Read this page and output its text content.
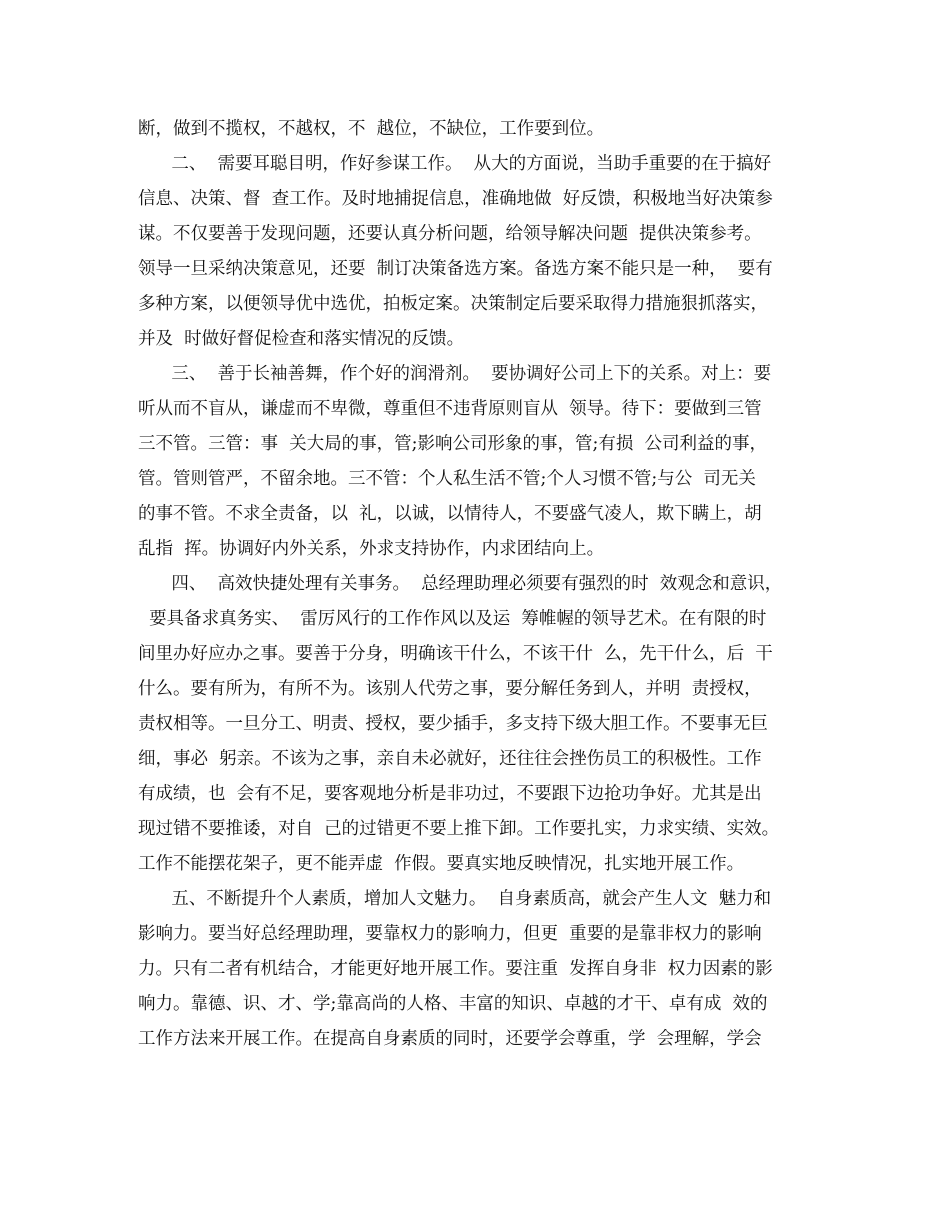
断，做到不揽权，不越权，不  越位，不缺位，工作要到位。
二、  需要耳聪目明，作好参谋工作。  从大的方面说，当助手重要的在于搞好
信息、决策、督  查工作。及时地捕捉信息，准确地做  好反馈，积极地当好决策参
谋。不仅要善于发现问题，还要认真分析问题，给领导解决问题  提供决策参考。
领导一旦采纳决策意见，还要  制订决策备选方案。备选方案不能只是一种，  要有
多种方案，以便领导优中选优，拍板定案。决策制定后要采取得力措施狠抓落实，
并及  时做好督促检查和落实情况的反馈。
三、  善于长袖善舞，作个好的润滑剂。  要协调好公司上下的关系。对上：要
听从而不盲从，谦虚而不卑微，尊重但不违背原则盲从  领导。待下：要做到三管
三不管。三管：事  关大局的事，管;影响公司形象的事，管;有损  公司利益的事，
管。管则管严，不留余地。三不管：个人私生活不管;个人习惯不管;与公  司无关
的事不管。不求全责备，以  礼，以诚，以情待人，不要盛气凌人，欺下瞒上，胡
乱指  挥。协调好内外关系，外求支持协作，内求团结向上。
四、  高效快捷处理有关事务。  总经理助理必须要有强烈的时  效观念和意识，
要具备求真务实、  雷厉风行的工作作风以及运  筹帷幄的领导艺术。在有限的时
间里办好应办之事。要善于分身，明确该干什么，不该干什  么，先干什么，后  干
什么。要有所为，有所不为。该别人代劳之事，要分解任务到人，并明  责授权，
责权相等。一旦分工、明责、授权，要少插手，多支持下级大胆工作。不要事无巨
细，事必  躬亲。不该为之事，亲自未必就好，还往往会挫伤员工的积极性。工作
有成绩，也  会有不足，要客观地分析是非功过，不要跟下边抢功争好。尤其是出
现过错不要推诿，对自  己的过错更不要上推下卸。工作要扎实，力求实绩、实效。
工作不能摆花架子，更不能弄虚  作假。要真实地反映情况，扎实地开展工作。
五、不断提升个人素质，增加人文魅力。  自身素质高，就会产生人文  魅力和
影响力。要当好总经理助理，要靠权力的影响力，但更  重要的是靠非权力的影响
力。只有二者有机结合，才能更好地开展工作。要注重  发挥自身非  权力因素的影
响力。靠德、识、才、学;靠高尚的人格、丰富的知识、卓越的才干、卓有成  效的
工作方法来开展工作。在提高自身素质的同时，还要学会尊重，学  会理解，学会
